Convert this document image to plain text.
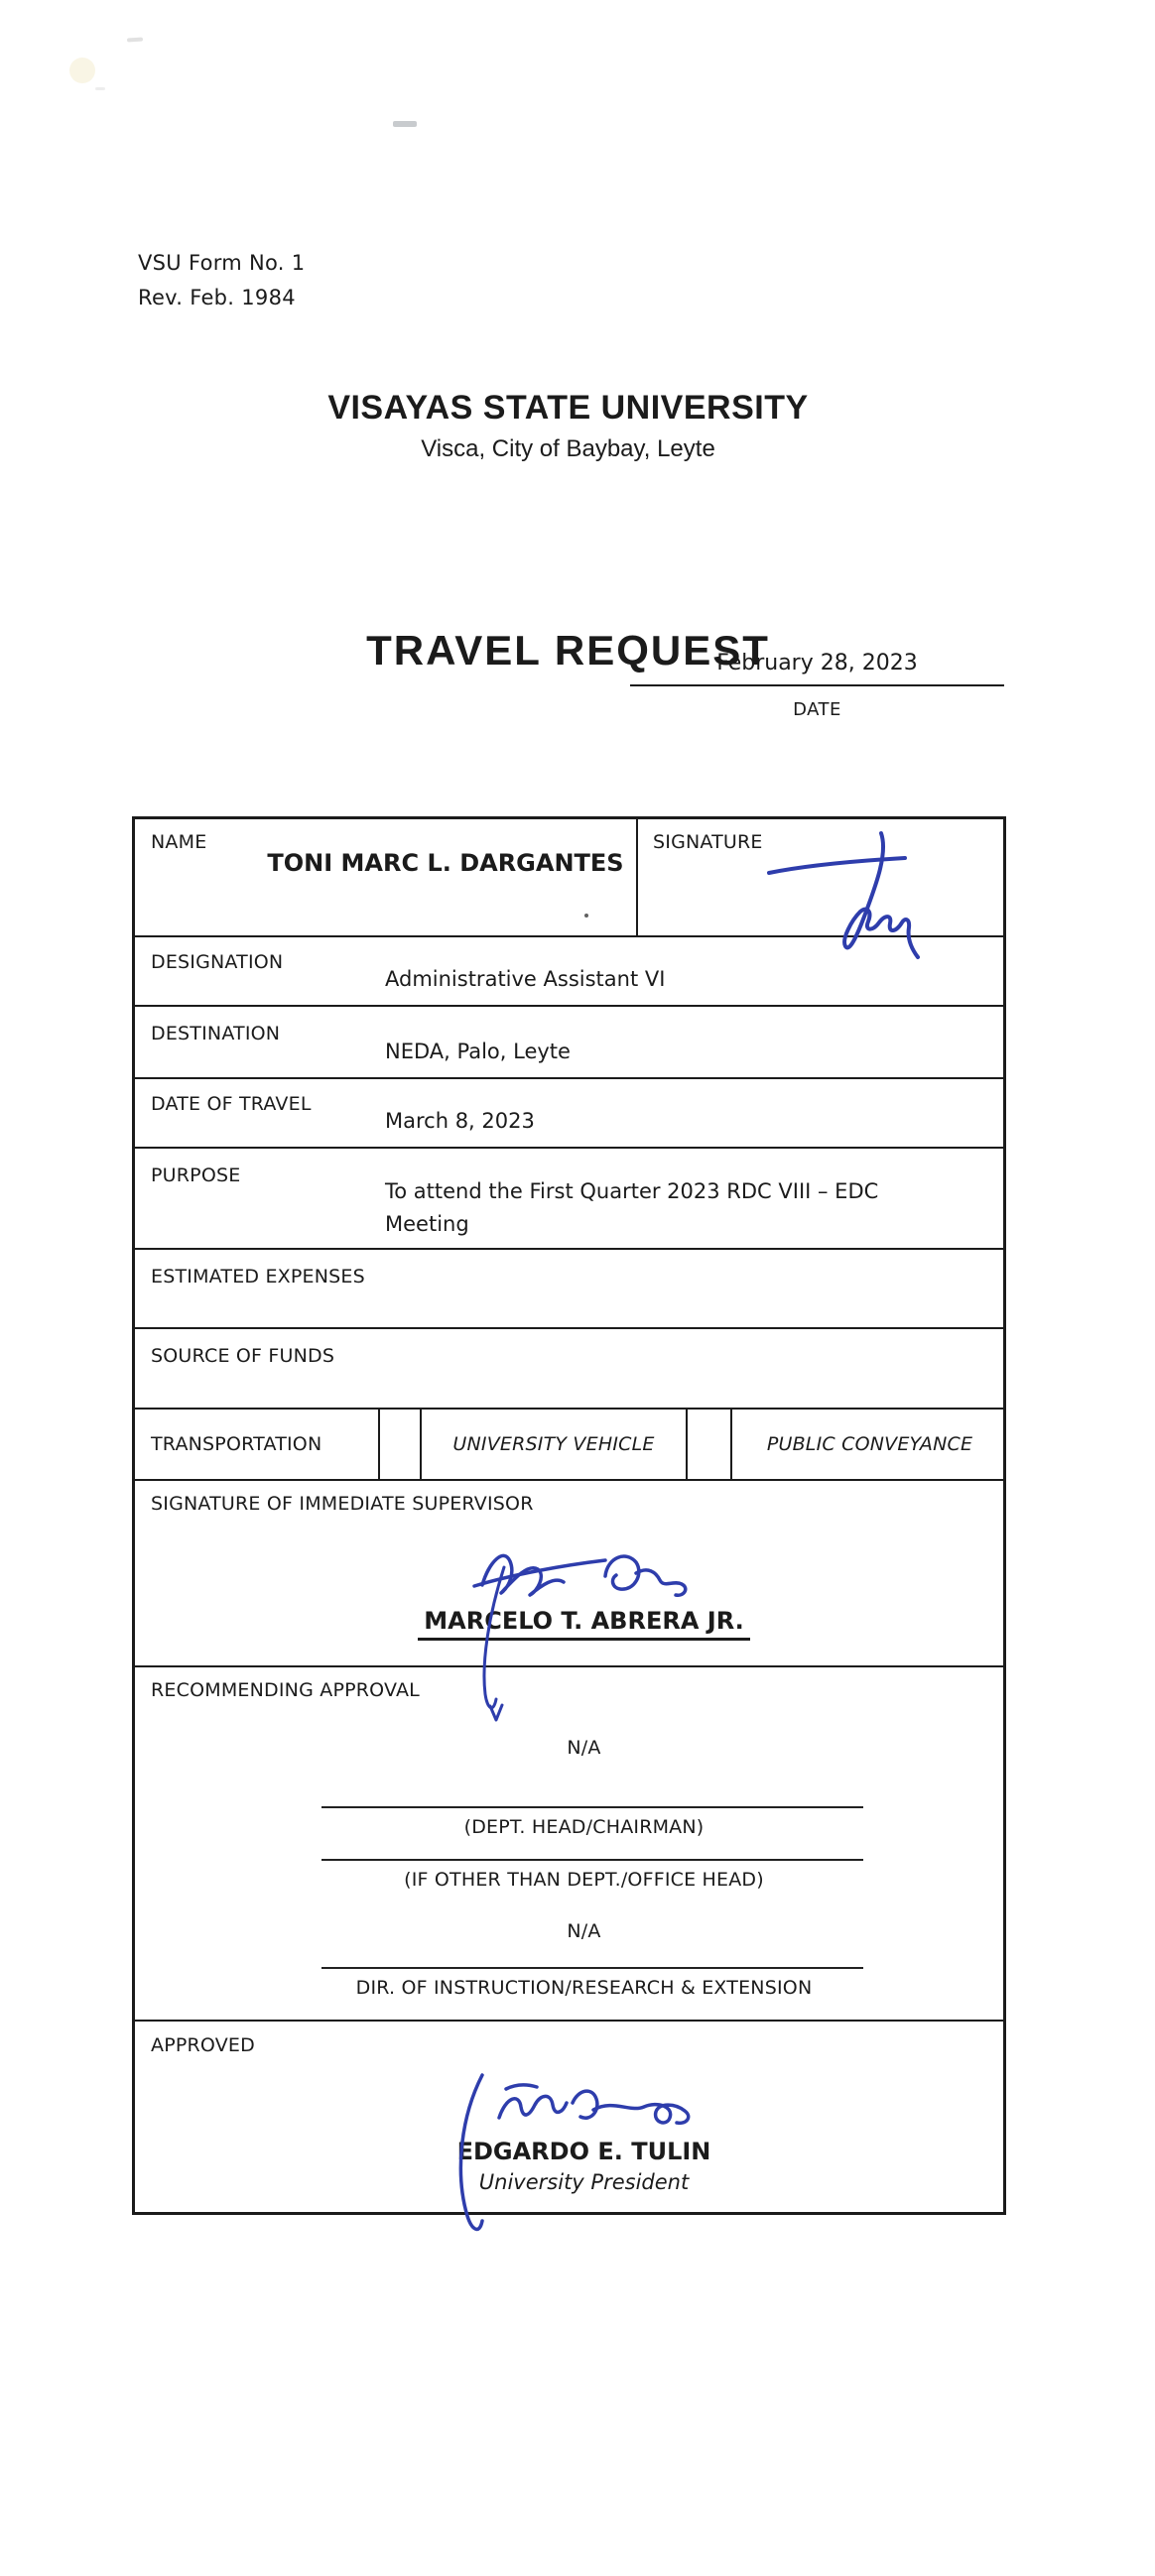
VSU Form No. 1
Rev. Feb. 1984
VISAYAS STATE UNIVERSITY
Visca, City of Baybay, Leyte
TRAVEL REQUEST
February 28, 2023
DATE
NAME
TONI MARC L. DARGANTES
SIGNATURE
DESIGNATION
Administrative Assistant VI
DESTINATION
NEDA, Palo, Leyte
DATE OF TRAVEL
March 8, 2023
PURPOSE
To attend the First Quarter 2023 RDC VIII – EDC Meeting
ESTIMATED EXPENSES
SOURCE OF FUNDS
TRANSPORTATION	UNIVERSITY VEHICLE	PUBLIC CONVEYANCE
SIGNATURE OF IMMEDIATE SUPERVISOR
MARCELO T. ABRERA JR.
RECOMMENDING APPROVAL
N/A
(DEPT. HEAD/CHAIRMAN)
(IF OTHER THAN DEPT./OFFICE HEAD)
N/A
DIR. OF INSTRUCTION/RESEARCH & EXTENSION
APPROVED
EDGARDO E. TULIN
University President
